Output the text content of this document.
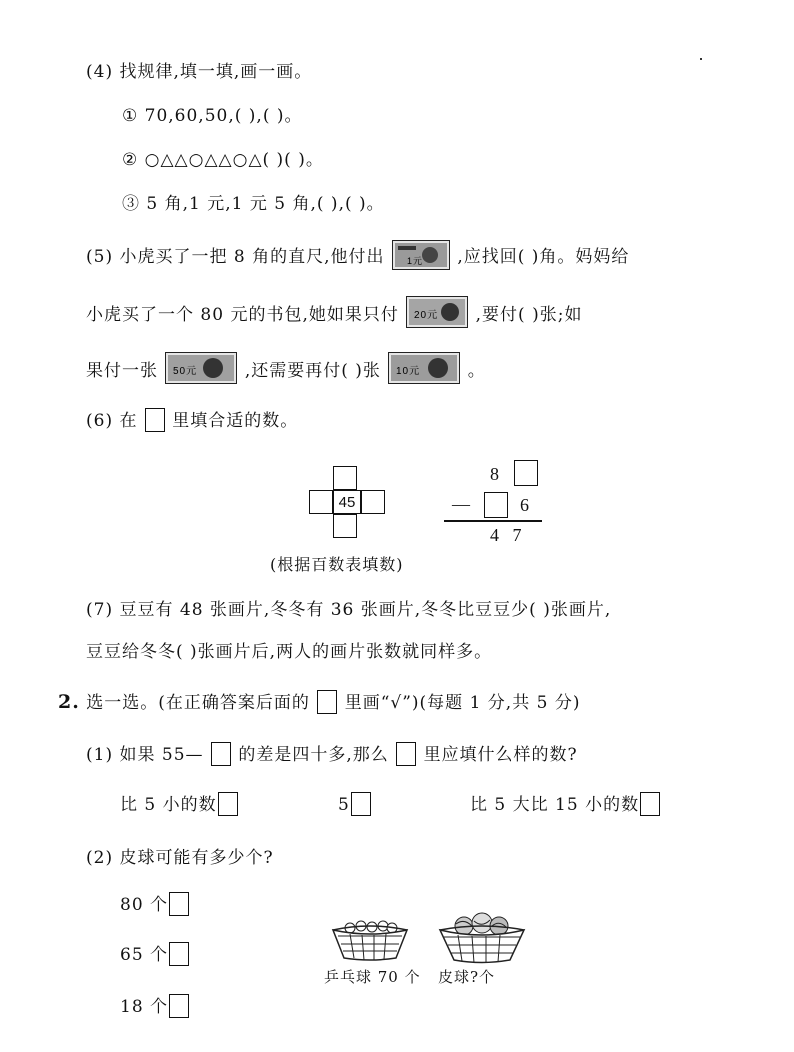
(4) 找规律,填一填,画一画。
① 70,60,50,( ),( )。
② ○△△○△△○△( )( )。
③ 5 角,1 元,1 元 5 角,( ),( )。
(5) 小虎买了一把 8 角的直尺,他付出 1元 ,应找回( )角。妈妈给
小虎买了一个 80 元的书包,她如果只付 20元 ,要付( )张;如
果付一张 50元	,还需要再付( )张 10元	。
(6) 在 里填合适的数。
45
(根据百数表填数)
8
—	6
4   7
(7) 豆豆有 48 张画片,冬冬有 36 张画片,冬冬比豆豆少( )张画片,
豆豆给冬冬( )张画片后,两人的画片张数就同样多。
2. 选一选。(在正确答案后面的 里画“√”)(每题 1 分,共 5 分)
(1) 如果 55— 的差是四十多,那么 里应填什么样的数?
比 5 小的数	5	比 5 大比 15 小的数
(2) 皮球可能有多少个?
80 个
65 个
18 个
乒乓球 70 个 皮球?个
